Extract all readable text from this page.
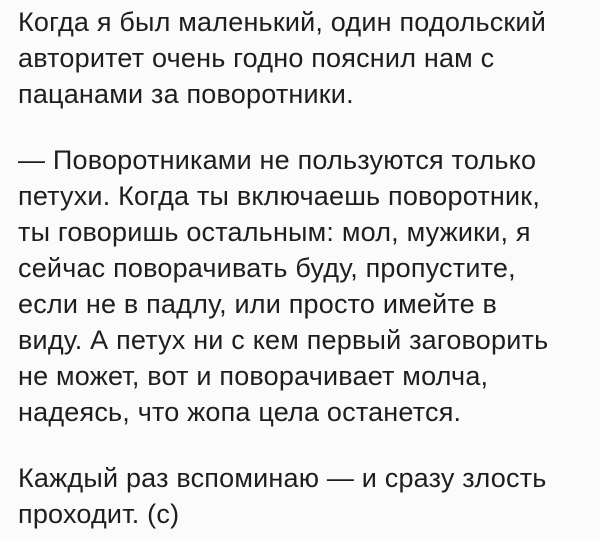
Когда я был маленький, один подольский
авторитет очень годно пояснил нам с
пацанами за поворотники.

— Поворотниками не пользуются только
петухи. Когда ты включаешь поворотник,
ты говоришь остальным: мол, мужики, я
сейчас поворачивать буду, пропустите,
если не в падлу, или просто имейте в
виду. А петух ни с кем первый заговорить
не может, вот и поворачивает молча,
надеясь, что жопа цела останется.

Каждый раз вспоминаю — и сразу злость
проходит. (с)
